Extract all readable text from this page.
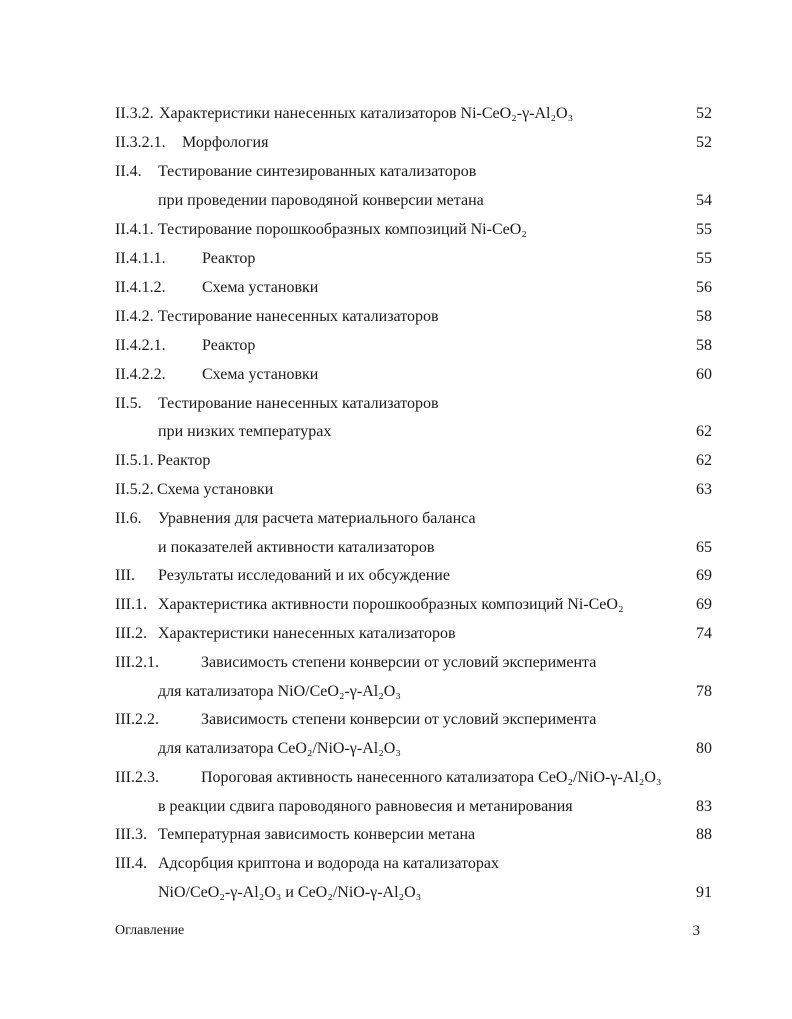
II.3.2. Характеристики нанесенных катализаторов Ni-CeO₂-γ-Al₂O₃	52
II.3.2.1. Морфология	52
II.4. Тестирование синтезированных катализаторов
при проведении пароводяной конверсии метана	54
II.4.1. Тестирование порошкообразных композиций Ni-CeO₂	55
II.4.1.1. Реактор	55
II.4.1.2. Схема установки	56
II.4.2. Тестирование нанесенных катализаторов	58
II.4.2.1. Реактор	58
II.4.2.2. Схема установки	60
II.5. Тестирование нанесенных катализаторов
при низких температурах	62
II.5.1. Реактор	62
II.5.2. Схема установки	63
II.6. Уравнения для расчета материального баланса
и показателей активности катализаторов	65
III. Результаты исследований и их обсуждение	69
III.1. Характеристика активности порошкообразных композиций Ni-CeO₂	69
III.2. Характеристики нанесенных катализаторов	74
III.2.1.	Зависимость степени конверсии от условий эксперимента
для катализатора NiO/CeO₂-γ-Al₂O₃	78
III.2.2.	Зависимость степени конверсии от условий эксперимента
для катализатора CeO₂/NiO-γ-Al₂O₃	80
III.2.3.	Пороговая активность нанесенного катализатора CeO₂/NiO-γ-Al₂O₃
в реакции сдвига пароводяного равновесия и метанирования	83
III.3. Температурная зависимость конверсии метана	88
III.4. Адсорбция криптона и водорода на катализаторах
NiO/CeO₂-γ-Al₂O₃ и CeO₂/NiO-γ-Al₂O₃	91
Оглавление	3
